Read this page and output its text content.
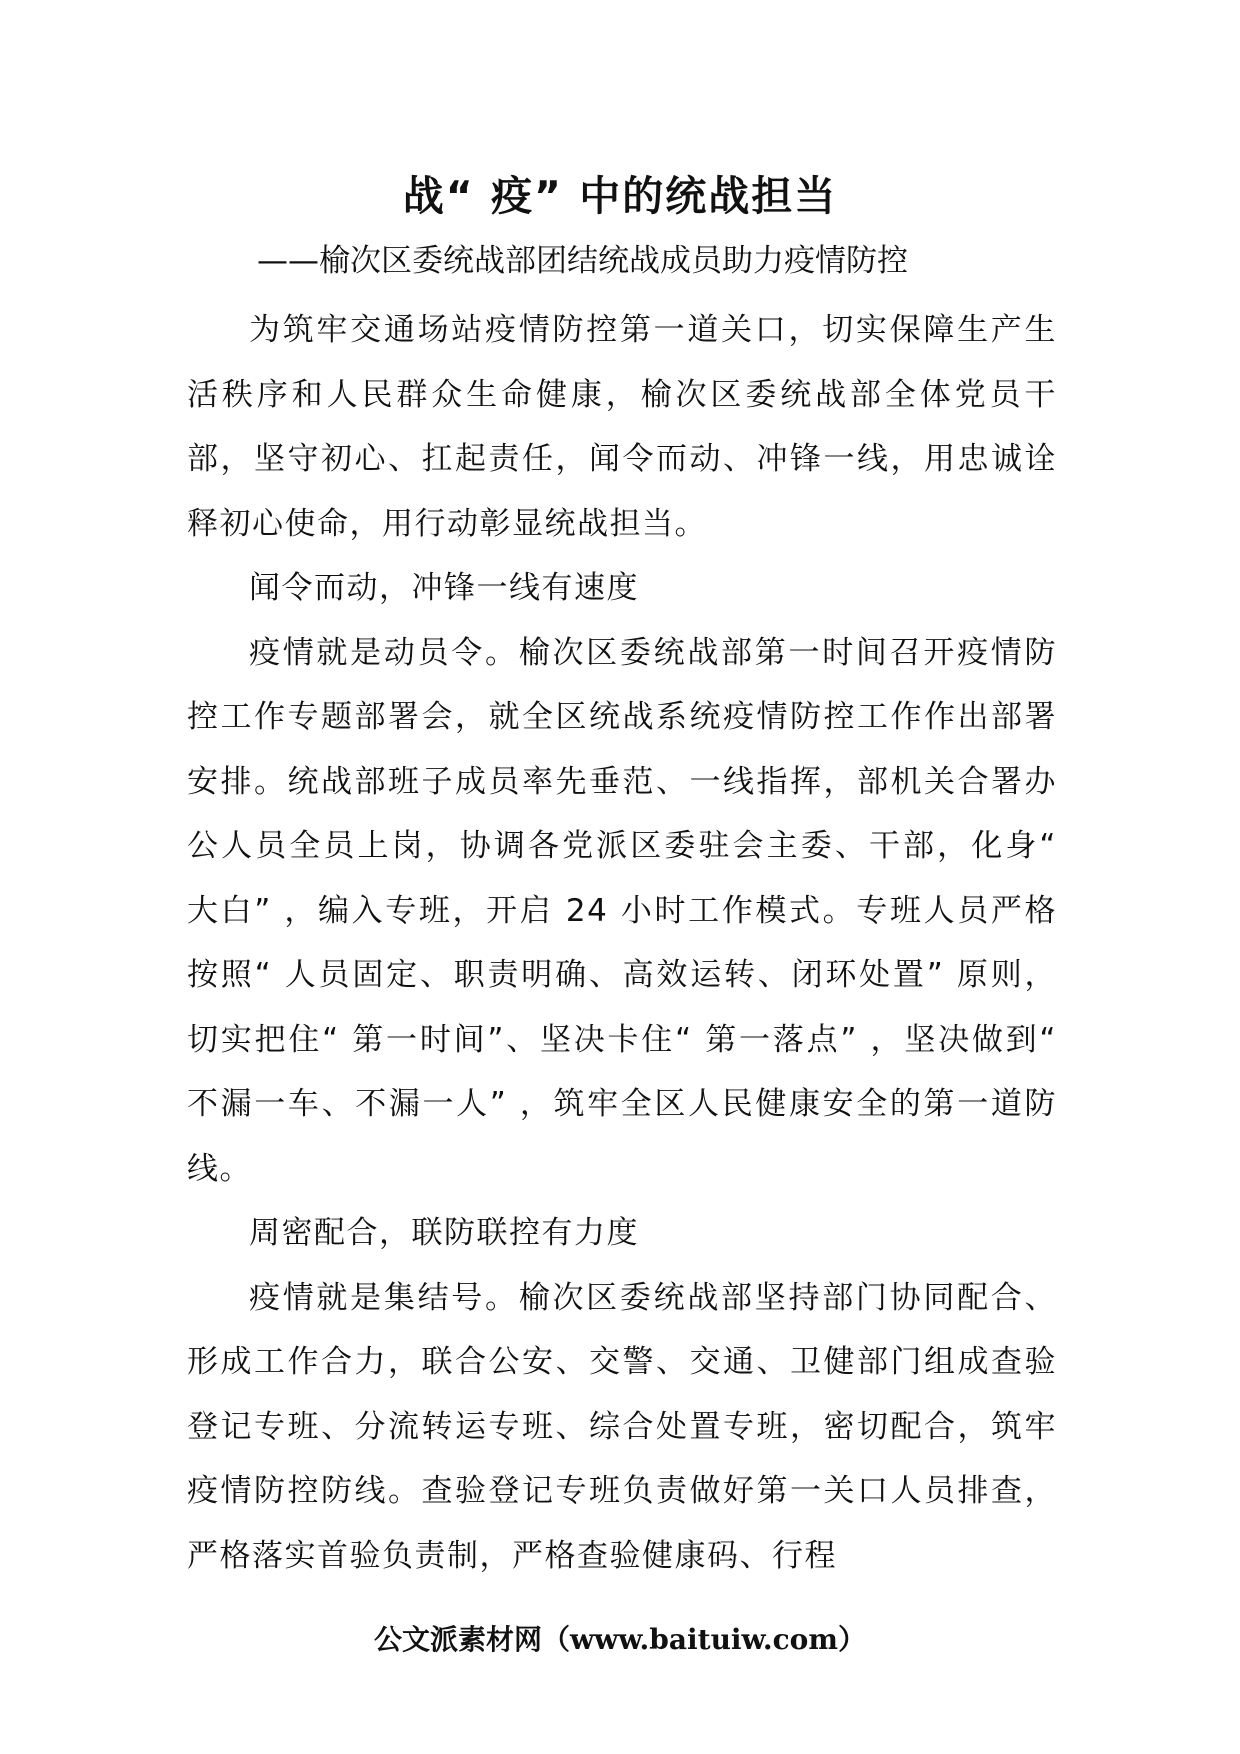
战“ 疫” 中的统战担当

——榆次区委统战部团结统战成员助力疫情防控

为筑牢交通场站疫情防控第一道关口，切实保障生产生活秩序和人民群众生命健康，榆次区委统战部全体党员干部，坚守初心、扛起责任，闻令而动、冲锋一线，用忠诚诠释初心使命，用行动彰显统战担当。

闻令而动，冲锋一线有速度

疫情就是动员令。榆次区委统战部第一时间召开疫情防控工作专题部署会，就全区统战系统疫情防控工作作出部署安排。统战部班子成员率先垂范、一线指挥，部机关合署办公人员全员上岗，协调各党派区委驻会主委、干部，化身“ 大白” ，编入专班，开启 24 小时工作模式。专班人员严格按照“ 人员固定、职责明确、高效运转、闭环处置” 原则，切实把住“ 第一时间”、坚决卡住“ 第一落点” ，坚决做到“ 不漏一车、不漏一人” ，筑牢全区人民健康安全的第一道防线。

周密配合，联防联控有力度

疫情就是集结号。榆次区委统战部坚持部门协同配合、形成工作合力，联合公安、交警、交通、卫健部门组成查验登记专班、分流转运专班、综合处置专班，密切配合，筑牢疫情防控防线。查验登记专班负责做好第一关口人员排查，严格落实首验负责制，严格查验健康码、行程

公文派素材网（www.baituiw.com）
